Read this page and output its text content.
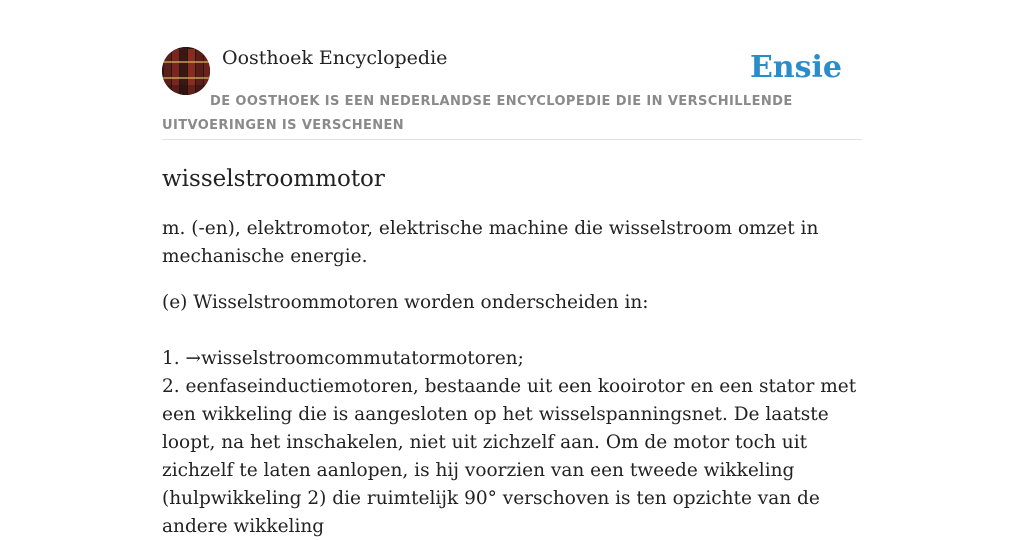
Oosthoek Encyclopedie	Ensie
DE OOSTHOEK IS EEN NEDERLANDSE ENCYCLOPEDIE DIE IN VERSCHILLENDE UITVOERINGEN IS VERSCHENEN
wisselstroommotor

m. (-en), elektromotor, elektrische machine die wisselstroom omzet in mechanische energie.

(e) Wisselstroommotoren worden onderscheiden in:

1. →wisselstroomcommutatormotoren;

2. eenfaseinductiemotoren, bestaande uit een kooirotor en een stator met een wikkeling die is aangesloten op het wisselspanningsnet. De laatste loopt, na het inschakelen, niet uit zichzelf aan. Om de motor toch uit zichzelf te laten aanlopen, is hij voorzien van een tweede wikkeling (hulpwikkeling 2) die ruimtelijk 90° verschoven is ten opzichte van de andere wikkeling
